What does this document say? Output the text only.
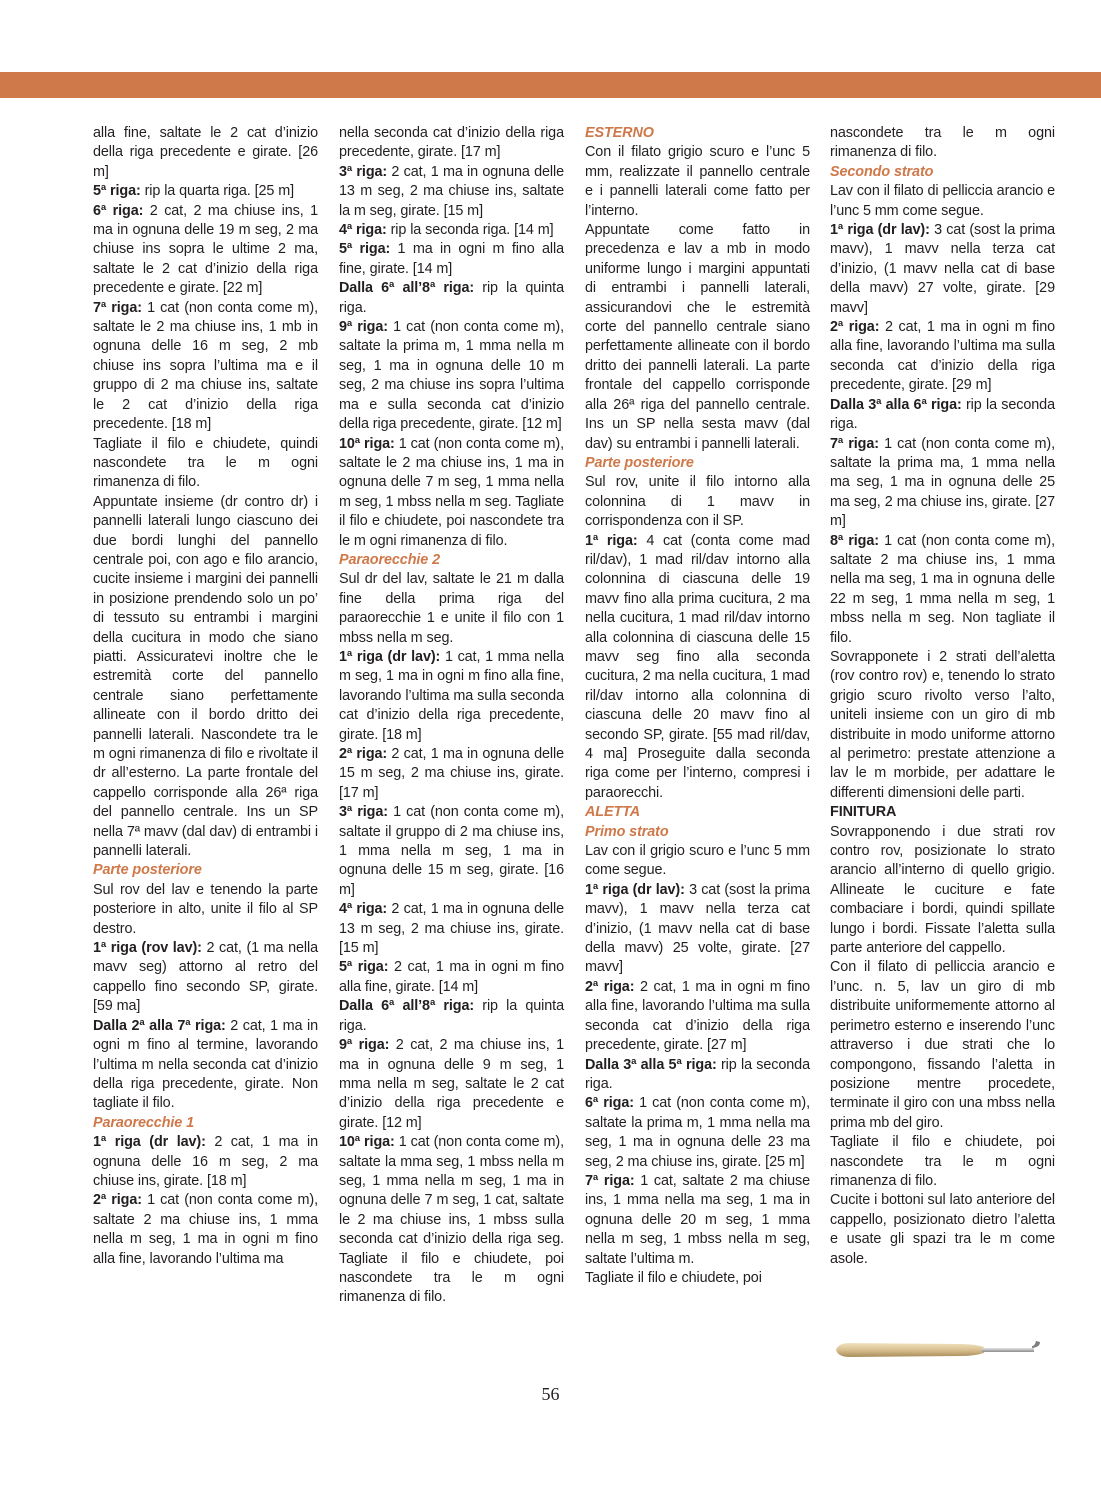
alla fine, saltate le 2 cat d’inizio della riga precedente e girate. [26 m]

5ª riga: rip la quarta riga. [25 m]

6ª riga: 2 cat, 2 ma chiuse ins, 1 ma in ognuna delle 19 m seg, 2 ma chiuse ins sopra le ultime 2 ma, saltate le 2 cat d’inizio della riga precedente e girate. [22 m]

7ª riga: 1 cat (non conta come m), saltate le 2 ma chiuse ins, 1 mb in ognuna delle 16 m seg, 2 mb chiuse ins sopra l’ultima ma e il gruppo di 2 ma chiuse ins, saltate le 2 cat d’inizio della riga precedente. [18 m]

Tagliate il filo e chiudete, quindi nascondete tra le m ogni rimanenza di filo.

Appuntate insieme (dr contro dr) i pannelli laterali lungo ciascuno dei due bordi lunghi del pannello centrale poi, con ago e filo arancio, cucite insieme i margini dei pannelli in posizione prendendo solo un po’ di tessuto su entrambi i margini della cucitura in modo che siano piatti. Assicuratevi inoltre che le estremità corte del pannello centrale siano perfettamente allineate con il bordo dritto dei pannelli laterali. Nascondete tra le m ogni rimanenza di filo e rivoltate il dr all’esterno. La parte frontale del cappello corrisponde alla 26ª riga del pannello centrale. Ins un SP nella 7ª mavv (dal dav) di entrambi i pannelli laterali.

Parte posteriore

Sul rov del lav e tenendo la parte posteriore in alto, unite il filo al SP destro.

1ª riga (rov lav): 2 cat, (1 ma nella mavv seg) attorno al retro del cappello fino secondo SP, girate. [59 ma]

Dalla 2ª alla 7ª riga: 2 cat, 1 ma in ogni m fino al termine, lavorando l’ultima m nella seconda cat d’inizio della riga precedente, girate. Non tagliate il filo.

Paraorecchie 1

1ª riga (dr lav): 2 cat, 1 ma in ognuna delle 16 m seg, 2 ma chiuse ins, girate. [18 m]

2ª riga: 1 cat (non conta come m), saltate 2 ma chiuse ins, 1 mma nella m seg, 1 ma in ogni m fino alla fine, lavorando l’ultima ma

nella seconda cat d’inizio della riga precedente, girate. [17 m]

3ª riga: 2 cat, 1 ma in ognuna delle 13 m seg, 2 ma chiuse ins, saltate la m seg, girate. [15 m]

4ª riga: rip la seconda riga. [14 m]

5ª riga: 1 ma in ogni m fino alla fine, girate. [14 m]

Dalla 6ª all’8ª riga: rip la quinta riga.

9ª riga: 1 cat (non conta come m), saltate la prima m, 1 mma nella m seg, 1 ma in ognuna delle 10 m seg, 2 ma chiuse ins sopra l’ultima ma e sulla seconda cat d’inizio della riga precedente, girate. [12 m]

10ª riga: 1 cat (non conta come m), saltate le 2 ma chiuse ins, 1 ma in ognuna delle 7 m seg, 1 mma nella m seg, 1 mbss nella m seg. Tagliate il filo e chiudete, poi nascondete tra le m ogni rimanenza di filo.

Paraorecchie 2

Sul dr del lav, saltate le 21 m dalla fine della prima riga del paraorecchie 1 e unite il filo con 1 mbss nella m seg.

1ª riga (dr lav): 1 cat, 1 mma nella m seg, 1 ma in ogni m fino alla fine, lavorando l’ultima ma sulla seconda cat d’inizio della riga precedente, girate. [18 m]

2ª riga: 2 cat, 1 ma in ognuna delle 15 m seg, 2 ma chiuse ins, girate. [17 m]

3ª riga: 1 cat (non conta come m), saltate il gruppo di 2 ma chiuse ins, 1 mma nella m seg, 1 ma in ognuna delle 15 m seg, girate. [16 m]

4ª riga: 2 cat, 1 ma in ognuna delle 13 m seg, 2 ma chiuse ins, girate. [15 m]

5ª riga: 2 cat, 1 ma in ogni m fino alla fine, girate. [14 m]

Dalla 6ª all’8ª riga: rip la quinta riga.

9ª riga: 2 cat, 2 ma chiuse ins, 1 ma in ognuna delle 9 m seg, 1 mma nella m seg, saltate le 2 cat d’inizio della riga precedente e girate. [12 m]

10ª riga: 1 cat (non conta come m), saltate la mma seg, 1 mbss nella m seg, 1 mma nella m seg, 1 ma in ognuna delle 7 m seg, 1 cat, saltate le 2 ma chiuse ins, 1 mbss sulla seconda cat d’inizio della riga seg. Tagliate il filo e chiudete, poi nascondete tra le m ogni rimanenza di filo.

ESTERNO

Con il filato grigio scuro e l’unc 5 mm, realizzate il pannello centrale e i pannelli laterali come fatto per l’interno.

Appuntate come fatto in precedenza e lav a mb in modo uniforme lungo i margini appuntati di entrambi i pannelli laterali, assicurandovi che le estremità corte del pannello centrale siano perfettamente allineate con il bordo dritto dei pannelli laterali. La parte frontale del cappello corrisponde alla 26ª riga del pannello centrale. Ins un SP nella sesta mavv (dal dav) su entrambi i pannelli laterali.

Parte posteriore

Sul rov, unite il filo intorno alla colonnina di 1 mavv in corrispondenza con il SP.

1ª riga: 4 cat (conta come mad ril/dav), 1 mad ril/dav intorno alla colonnina di ciascuna delle 19 mavv fino alla prima cucitura, 2 ma nella cucitura, 1 mad ril/dav intorno alla colonnina di ciascuna delle 15 mavv seg fino alla seconda cucitura, 2 ma nella cucitura, 1 mad ril/dav intorno alla colonnina di ciascuna delle 20 mavv fino al secondo SP, girate. [55 mad ril/dav, 4 ma] Proseguite dalla seconda riga come per l’interno, compresi i paraorecchi.

ALETTA

Primo strato

Lav con il grigio scuro e l’unc 5 mm come segue.

1ª riga (dr lav): 3 cat (sost la prima mavv), 1 mavv nella terza cat d’inizio, (1 mavv nella cat di base della mavv) 25 volte, girate. [27 mavv]

2ª riga: 2 cat, 1 ma in ogni m fino alla fine, lavorando l’ultima ma sulla seconda cat d’inizio della riga precedente, girate. [27 m]

Dalla 3ª alla 5ª riga: rip la seconda riga.

6ª riga: 1 cat (non conta come m), saltate la prima m, 1 mma nella ma seg, 1 ma in ognuna delle 23 ma seg, 2 ma chiuse ins, girate. [25 m]

7ª riga: 1 cat, saltate 2 ma chiuse ins, 1 mma nella ma seg, 1 ma in ognuna delle 20 m seg, 1 mma nella m seg, 1 mbss nella m seg, saltate l’ultima m.

Tagliate il filo e chiudete, poi

nascondete tra le m ogni rimanenza di filo.

Secondo strato

Lav con il filato di pelliccia arancio e l’unc 5 mm come segue.

1ª riga (dr lav): 3 cat (sost la prima mavv), 1 mavv nella terza cat d’inizio, (1 mavv nella cat di base della mavv) 27 volte, girate. [29 mavv]

2ª riga: 2 cat, 1 ma in ogni m fino alla fine, lavorando l’ultima ma sulla seconda cat d’inizio della riga precedente, girate. [29 m]

Dalla 3ª alla 6ª riga: rip la seconda riga.

7ª riga: 1 cat (non conta come m), saltate la prima ma, 1 mma nella ma seg, 1 ma in ognuna delle 25 ma seg, 2 ma chiuse ins, girate. [27 m]

8ª riga: 1 cat (non conta come m), saltate 2 ma chiuse ins, 1 mma nella ma seg, 1 ma in ognuna delle 22 m seg, 1 mma nella m seg, 1 mbss nella m seg. Non tagliate il filo.

Sovrapponete i 2 strati dell’aletta (rov contro rov) e, tenendo lo strato grigio scuro rivolto verso l’alto, uniteli insieme con un giro di mb distribuite in modo uniforme attorno al perimetro: prestate attenzione a lav le m morbide, per adattare le differenti dimensioni delle parti.

FINITURA

Sovrapponendo i due strati rov contro rov, posizionate lo strato arancio all’interno di quello grigio. Allineate le cuciture e fate combaciare i bordi, quindi spillate lungo i bordi. Fissate l’aletta sulla parte anteriore del cappello.

Con il filato di pelliccia arancio e l’unc. n. 5, lav un giro di mb distribuite uniformemente attorno al perimetro esterno e inserendo l’unc attraverso i due strati che lo compongono, fissando l’aletta in posizione mentre procedete, terminate il giro con una mbss nella prima mb del giro.

Tagliate il filo e chiudete, poi nascondete tra le m ogni rimanenza di filo.

Cucite i bottoni sul lato anteriore del cappello, posizionato dietro l’aletta e usate gli spazi tra le m come asole.

56
